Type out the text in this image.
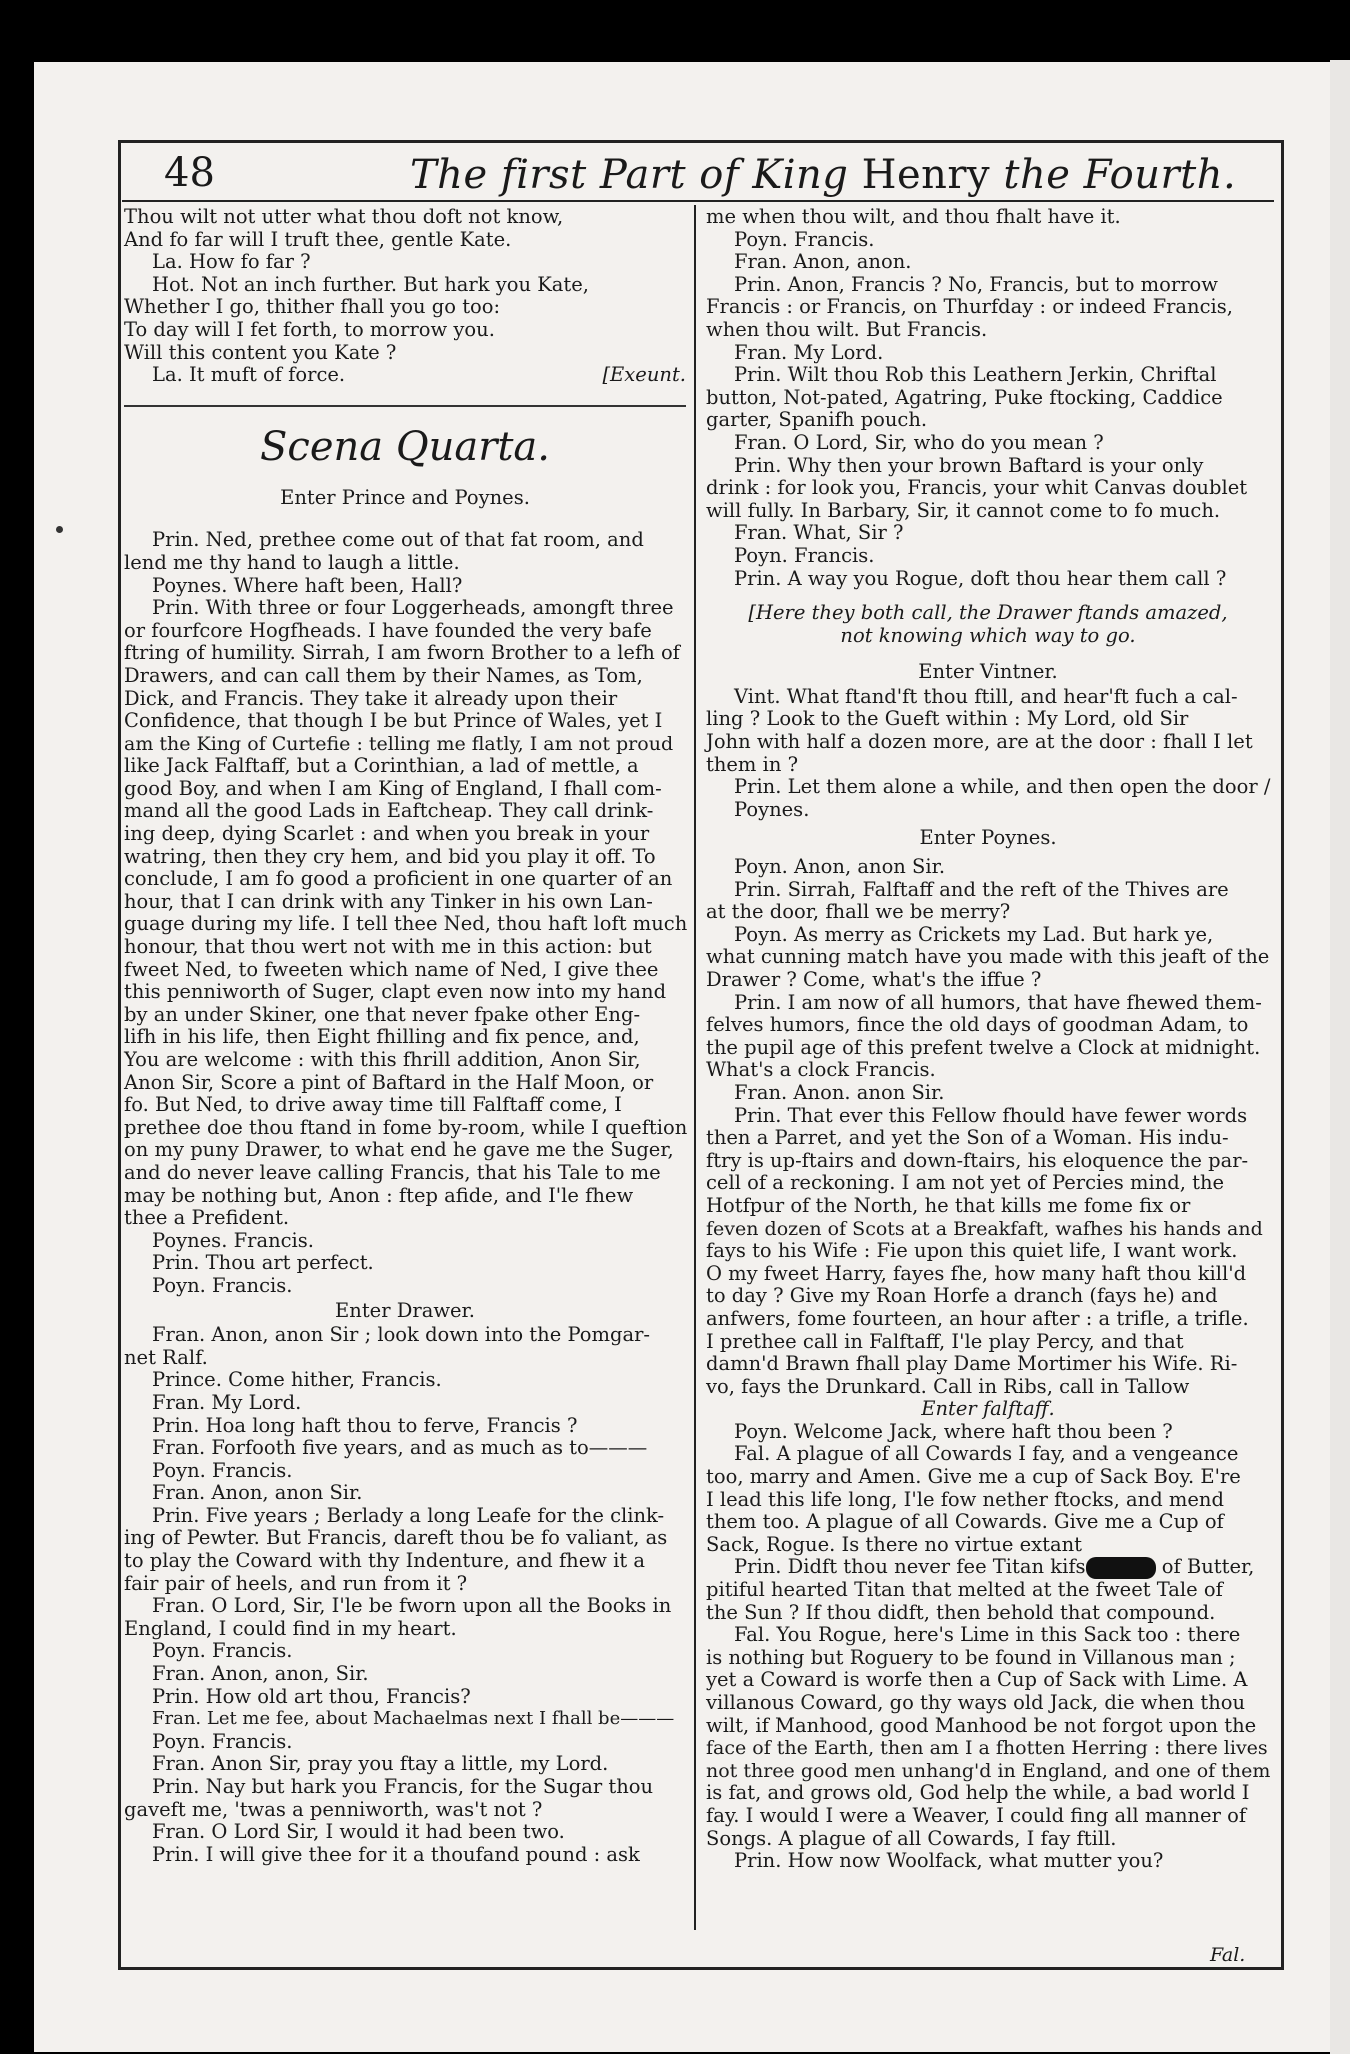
48	The first Part of King Henry the Fourth.
Thou wilt not utter what thou doft not know,
And fo far will I truft thee, gentle Kate.
La. How fo far ?
Hot. Not an inch further. But hark you Kate,
Whether I go, thither fhall you go too:
To day will I fet forth, to morrow you.
Will this content you Kate ?
La. It muft of force.	[Exeunt.
Scena Quarta.
Enter Prince and Poynes.
Prin. Ned, prethee come out of that fat room, and
lend me thy hand to laugh a little.
Poynes. Where haft been, Hall?
Prin. With three or four Loggerheads, amongft three
or fourfcore Hogfheads. I have founded the very bafe
ftring of humility. Sirrah, I am fworn Brother to a lefh of
Drawers, and can call them by their Names, as Tom,
Dick, and Francis. They take it already upon their
Confidence, that though I be but Prince of Wales, yet I
am the King of Curtefie : telling me flatly, I am not proud
like Jack Falftaff, but a Corinthian, a lad of mettle, a
good Boy, and when I am King of England, I fhall com-
mand all the good Lads in Eaftcheap. They call drink-
ing deep, dying Scarlet : and when you break in your
watring, then they cry hem, and bid you play it off. To
conclude, I am fo good a proficient in one quarter of an
hour, that I can drink with any Tinker in his own Lan-
guage during my life. I tell thee Ned, thou haft loft much
honour, that thou wert not with me in this action: but
fweet Ned, to fweeten which name of Ned, I give thee
this penniworth of Suger, clapt even now into my hand
by an under Skiner, one that never fpake other Eng-
lifh in his life, then Eight fhilling and fix pence, and,
You are welcome : with this fhrill addition, Anon Sir,
Anon Sir, Score a pint of Baftard in the Half Moon, or
fo. But Ned, to drive away time till Falftaff come, I
prethee doe thou ftand in fome by-room, while I queftion
on my puny Drawer, to what end he gave me the Suger,
and do never leave calling Francis, that his Tale to me
may be nothing but, Anon : ftep afide, and I'le fhew
thee a Prefident.
Poynes. Francis.
Prin. Thou art perfect.
Poyn. Francis.
Enter Drawer.
Fran. Anon, anon Sir ; look down into the Pomgar-
net Ralf.
Prince. Come hither, Francis.
Fran. My Lord.
Prin. Hoa long haft thou to ferve, Francis ?
Fran. Forfooth five years, and as much as to———
Poyn. Francis.
Fran. Anon, anon Sir.
Prin. Five years ; Berlady a long Leafe for the clink-
ing of Pewter. But Francis, dareft thou be fo valiant, as
to play the Coward with thy Indenture, and fhew it a
fair pair of heels, and run from it ?
Fran. O Lord, Sir, I'le be fworn upon all the Books in
England, I could find in my heart.
Poyn. Francis.
Fran. Anon, anon, Sir.
Prin. How old art thou, Francis?
Fran. Let me fee, about Machaelmas next I fhall be———
Poyn. Francis.
Fran. Anon Sir, pray you ftay a little, my Lord.
Prin. Nay but hark you Francis, for the Sugar thou
gaveft me, 'twas a penniworth, was't not ?
Fran. O Lord Sir, I would it had been two.
Prin. I will give thee for it a thoufand pound : ask
me when thou wilt, and thou fhalt have it.
Poyn. Francis.
Fran. Anon, anon.
Prin. Anon, Francis ? No, Francis, but to morrow
Francis : or Francis, on Thurfday : or indeed Francis,
when thou wilt. But Francis.
Fran. My Lord.
Prin. Wilt thou Rob this Leathern Jerkin, Chriftal
button, Not-pated, Agatring, Puke ftocking, Caddice
garter, Spanifh pouch.
Fran. O Lord, Sir, who do you mean ?
Prin. Why then your brown Baftard is your only
drink : for look you, Francis, your whit Canvas doublet
will fully. In Barbary, Sir, it cannot come to fo much.
Fran. What, Sir ?
Poyn. Francis.
Prin. A way you Rogue, doft thou hear them call ?
[Here they both call, the Drawer ftands amazed,
not knowing which way to go.
Enter Vintner.
Vint. What ftand'ft thou ftill, and hear'ft fuch a cal-
ling ? Look to the Gueft within : My Lord, old Sir
John with half a dozen more, are at the door : fhall I let
them in ?
Prin. Let them alone a while, and then open the door /
Poynes.
Enter Poynes.
Poyn. Anon, anon Sir.
Prin. Sirrah, Falftaff and the reft of the Thives are
at the door, fhall we be merry?
Poyn. As merry as Crickets my Lad. But hark ye,
what cunning match have you made with this jeaft of the
Drawer ? Come, what's the iffue ?
Prin. I am now of all humors, that have fhewed them-
felves humors, fince the old days of goodman Adam, to
the pupil age of this prefent twelve a Clock at midnight.
What's a clock Francis.
Fran. Anon. anon Sir.
Prin. That ever this Fellow fhould have fewer words
then a Parret, and yet the Son of a Woman. His indu-
ftry is up-ftairs and down-ftairs, his eloquence the par-
cell of a reckoning. I am not yet of Percies mind, the
Hotfpur of the North, he that kills me fome fix or
feven dozen of Scots at a Breakfaft, wafhes his hands and
fays to his Wife : Fie upon this quiet life, I want work.
O my fweet Harry, fayes fhe, how many haft thou kill'd
to day ? Give my Roan Horfe a dranch (fays he) and
anfwers, fome fourteen, an hour after : a trifle, a trifle.
I prethee call in Falftaff, I'le play Percy, and that
damn'd Brawn fhall play Dame Mortimer his Wife. Ri-
vo, fays the Drunkard. Call in Ribs, call in Tallow
Enter falftaff.
Poyn. Welcome Jack, where haft thou been ?
Fal. A plague of all Cowards I fay, and a vengeance
too, marry and Amen. Give me a cup of Sack Boy. E're
I lead this life long, I'le fow nether ftocks, and mend
them too. A plague of all Cowards. Give me a Cup of
Sack, Rogue. Is there no virtue extant
Prin. Didft thou never fee Titan kifs	of Butter,
pitiful hearted Titan that melted at the fweet Tale of
the Sun ? If thou didft, then behold that compound.
Fal. You Rogue, here's Lime in this Sack too : there
is nothing but Roguery to be found in Villanous man ;
yet a Coward is worfe then a Cup of Sack with Lime. A
villanous Coward, go thy ways old Jack, die when thou
wilt, if Manhood, good Manhood be not forgot upon the
face of the Earth, then am I a fhotten Herring : there lives
not three good men unhang'd in England, and one of them
is fat, and grows old, God help the while, a bad world I
fay. I would I were a Weaver, I could fing all manner of
Songs. A plague of all Cowards, I fay ftill.
Prin. How now Woolfack, what mutter you?
Fal.
